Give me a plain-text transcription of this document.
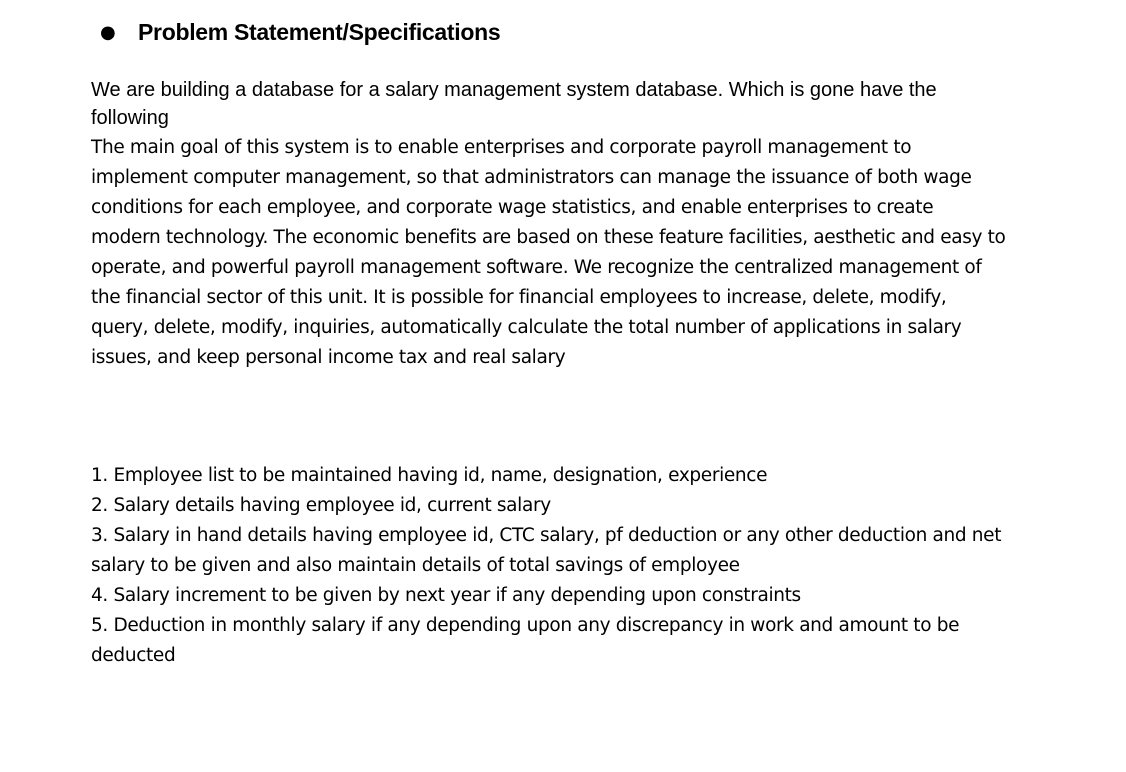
● Problem Statement/Specifications
We are building a database for a salary management system database. Which is gone have the following
The main goal of this system is to enable enterprises and corporate payroll management to implement computer management, so that administrators can manage the issuance of both wage conditions for each employee, and corporate wage statistics, and enable enterprises to create modern technology. The economic benefits are based on these feature facilities, aesthetic and easy to operate, and powerful payroll management software. We recognize the centralized management of the financial sector of this unit. It is possible for financial employees to increase, delete, modify, query, delete, modify, inquiries, automatically calculate the total number of applications in salary issues, and keep personal income tax and real salary
1. Employee list to be maintained having id, name, designation, experience
2. Salary details having employee id, current salary
3. Salary in hand details having employee id, CTC salary, pf deduction or any other deduction and net salary to be given and also maintain details of total savings of employee
4. Salary increment to be given by next year if any depending upon constraints
5. Deduction in monthly salary if any depending upon any discrepancy in work and amount to be deducted
